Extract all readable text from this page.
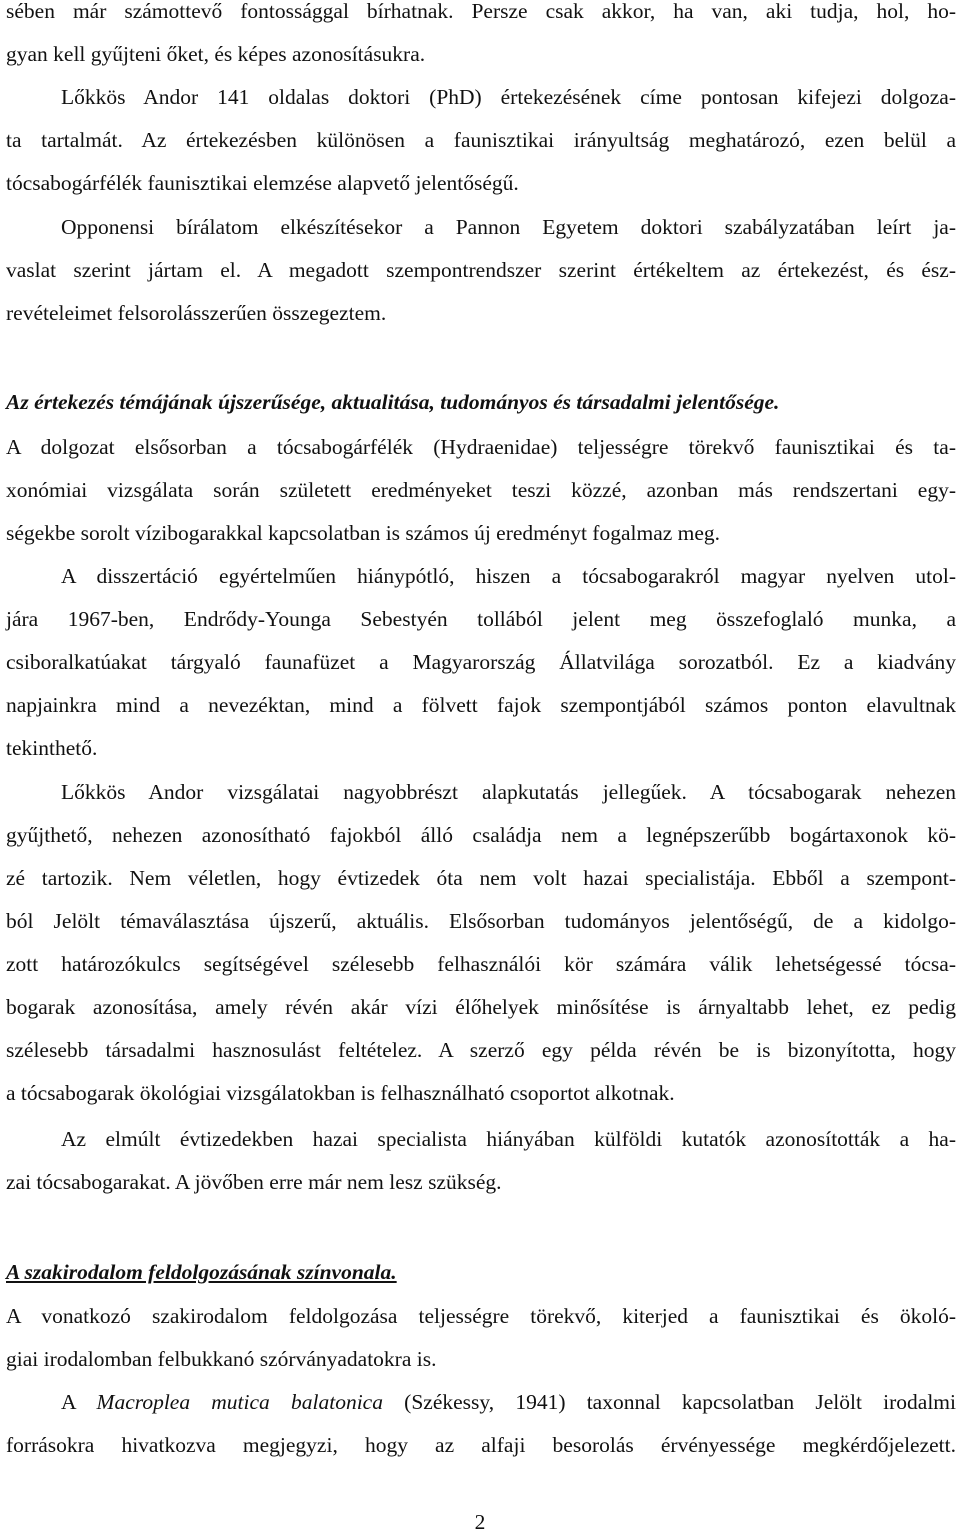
sében már számottevő fontossággal bírhatnak. Persze csak akkor, ha van, aki tudja, hol, ho-
gyan kell gyűjteni őket, és képes azonosításukra.
Lőkkös Andor 141 oldalas doktori (PhD) értekezésének címe pontosan kifejezi dolgoza-
ta tartalmát. Az értekezésben különösen a faunisztikai irányultság meghatározó, ezen belül a
tócsabogárfélék faunisztikai elemzése alapvető jelentőségű.
Opponensi bírálatom elkészítésekor a Pannon Egyetem doktori szabályzatában leírt ja-
vaslat szerint jártam el. A megadott szempontrendszer szerint értékeltem az értekezést, és ész-
revételeimet felsorolásszerűen összegeztem.
Az értekezés témájának újszerűsége, aktualitása, tudományos és társadalmi jelentősége.
A dolgozat elsősorban a tócsabogárfélék (Hydraenidae) teljességre törekvő faunisztikai és ta-
xonómiai vizsgálata során született eredményeket teszi közzé, azonban más rendszertani egy-
ségekbe sorolt vízibogarakkal kapcsolatban is számos új eredményt fogalmaz meg.
A disszertáció egyértelműen hiánypótló, hiszen a tócsabogarakról magyar nyelven utol-
jára 1967-ben, Endrődy-Younga Sebestyén tollából jelent meg összefoglaló munka, a
csiboralkatúakat tárgyaló faunafüzet a Magyarország Állatvilága sorozatból. Ez a kiadvány
napjainkra mind a nevezéktan, mind a fölvett fajok szempontjából számos ponton elavultnak
tekinthető.
Lőkkös Andor vizsgálatai nagyobbrészt alapkutatás jellegűek. A tócsabogarak nehezen
gyűjthető, nehezen azonosítható fajokból álló családja nem a legnépszerűbb bogártaxonok kö-
zé tartozik. Nem véletlen, hogy évtizedek óta nem volt hazai specialistája. Ebből a szempont-
ból Jelölt témaválasztása újszerű, aktuális. Elsősorban tudományos jelentőségű, de a kidolgo-
zott határozókulcs segítségével szélesebb felhasználói kör számára válik lehetségessé tócsa-
bogarak azonosítása, amely révén akár vízi élőhelyek minősítése is árnyaltabb lehet, ez pedig
szélesebb társadalmi hasznosulást feltételez. A szerző egy példa révén be is bizonyította, hogy
a tócsabogarak ökológiai vizsgálatokban is felhasználható csoportot alkotnak.
Az elmúlt évtizedekben hazai specialista hiányában külföldi kutatók azonosították a ha-
zai tócsabogarakat. A jövőben erre már nem lesz szükség.
A szakirodalom feldolgozásának színvonala.
A vonatkozó szakirodalom feldolgozása teljességre törekvő, kiterjed a faunisztikai és ökoló-
giai irodalomban felbukkanó szórványadatokra is.
A Macroplea mutica balatonica (Székessy, 1941) taxonnal kapcsolatban Jelölt irodalmi
forrásokra hivatkozva megjegyzi, hogy az alfaji besorolás érvényessége megkérdőjelezett.
2
